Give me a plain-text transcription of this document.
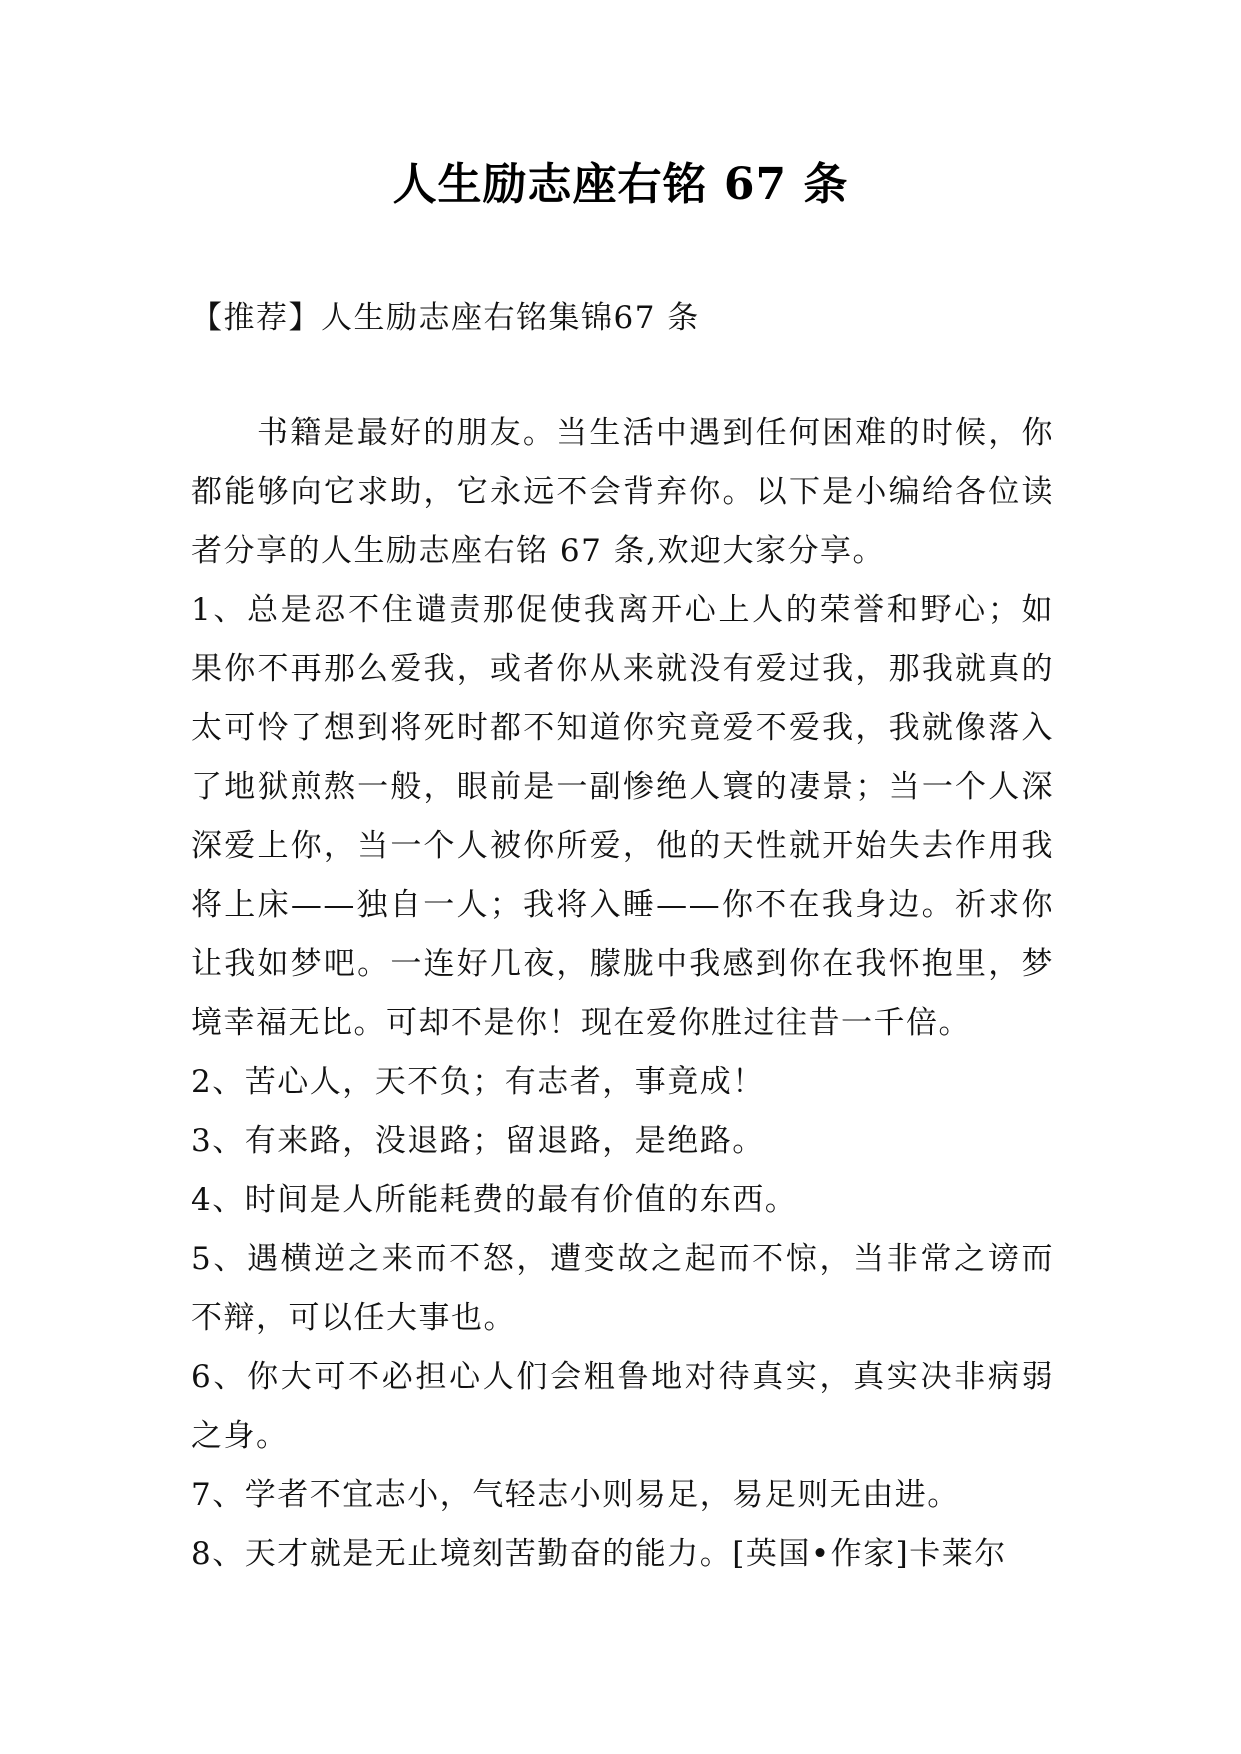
人生励志座右铭 67 条
【推荐】人生励志座右铭集锦67 条
书籍是最好的朋友。当生活中遇到任何困难的时候，你
都能够向它求助，它永远不会背弃你。以下是小编给各位读
者分享的人生励志座右铭 67 条,欢迎大家分享。
1、总是忍不住谴责那促使我离开心上人的荣誉和野心；如
果你不再那么爱我，或者你从来就没有爱过我，那我就真的
太可怜了想到将死时都不知道你究竟爱不爱我，我就像落入
了地狱煎熬一般，眼前是一副惨绝人寰的凄景；当一个人深
深爱上你，当一个人被你所爱，他的天性就开始失去作用我
将上床——独自一人；我将入睡——你不在我身边。祈求你
让我如梦吧。一连好几夜，朦胧中我感到你在我怀抱里，梦
境幸福无比。可却不是你！现在爱你胜过往昔一千倍。
2、苦心人，天不负；有志者，事竟成！
3、有来路，没退路；留退路，是绝路。
4、时间是人所能耗费的最有价值的东西。
5、遇横逆之来而不怒，遭变故之起而不惊，当非常之谤而
不辩，可以任大事也。
6、你大可不必担心人们会粗鲁地对待真实，真实决非病弱
之身。
7、学者不宜志小，气轻志小则易足，易足则无由进。
8、天才就是无止境刻苦勤奋的能力。[英国•作家]卡莱尔
